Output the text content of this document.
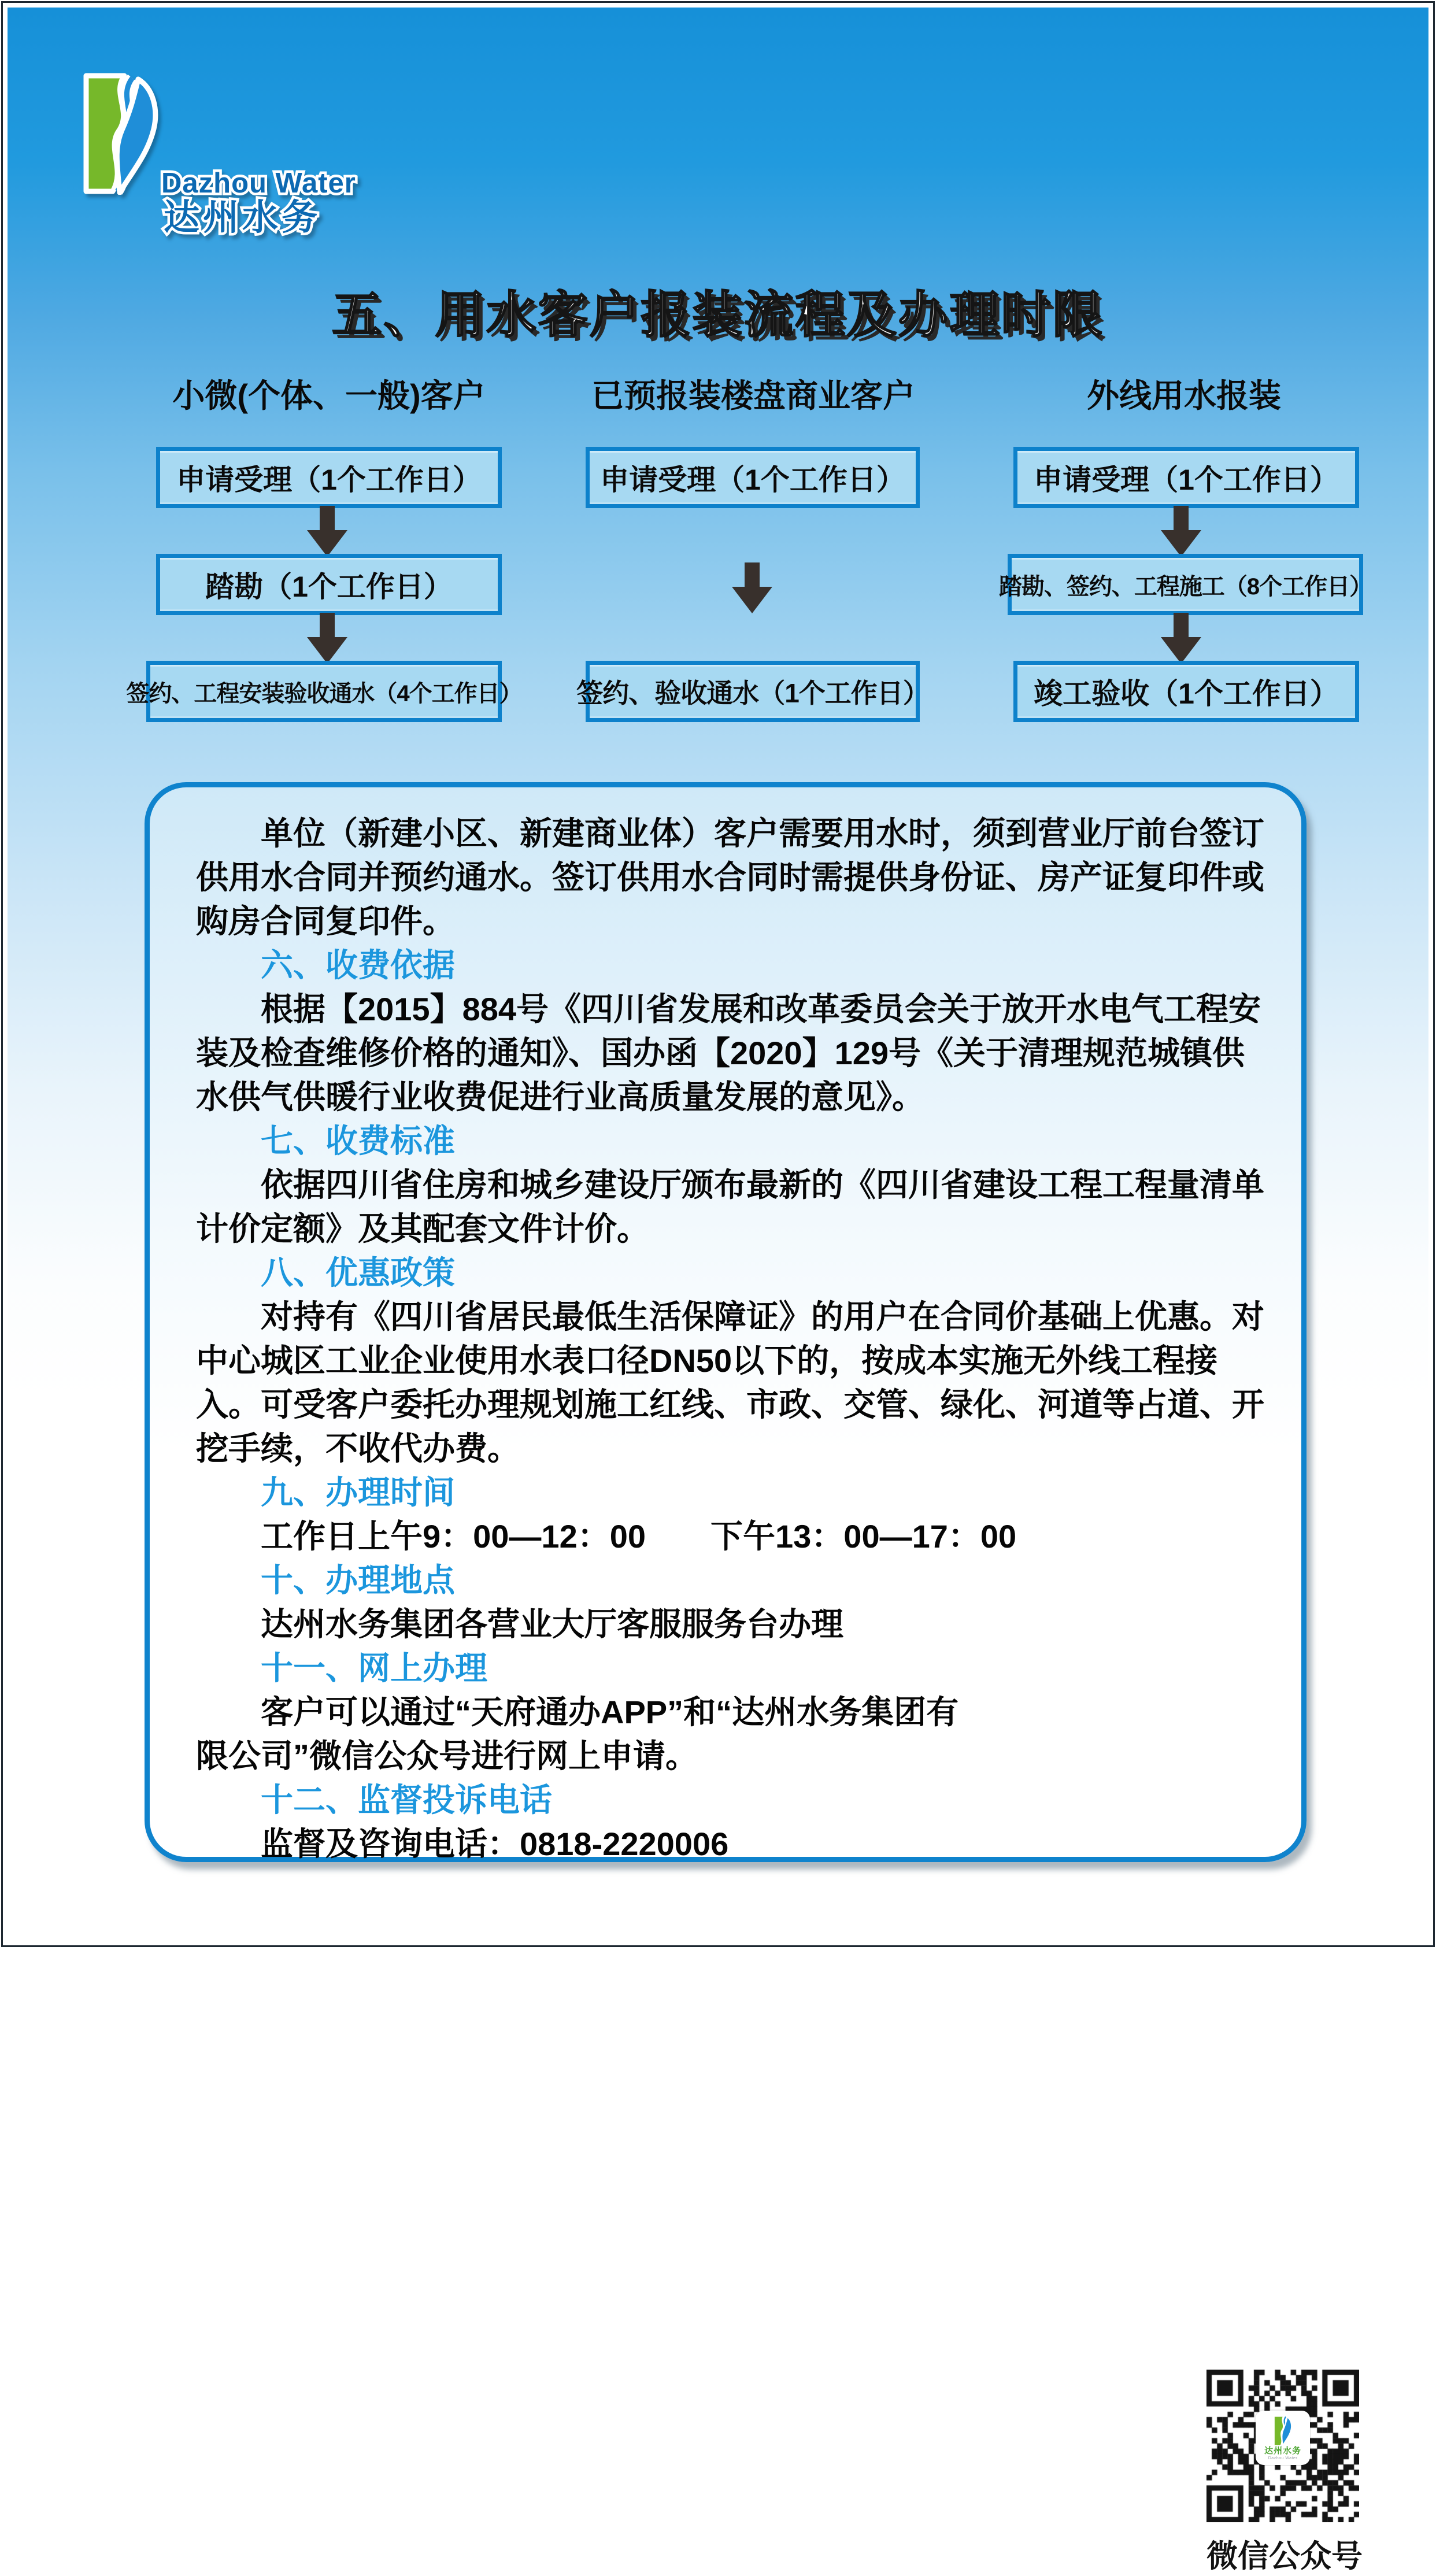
Dazhou Water
达州水务
五、用水客户报装流程及办理时限
小微(个体、一般)客户	已预报装楼盘商业客户	外线用水报装
申请受理（1个工作日）
踏勘（1个工作日）
签约、工程安装验收通水（4个工作日）
申请受理（1个工作日）
签约、验收通水（1个工作日）
申请受理（1个工作日）
踏勘、签约、工程施工（8个工作日）
竣工验收（1个工作日）

单位（新建小区、新建商业体）客户需要用水时，须到营业厅前台签订供用水合同并预约通水。签订供用水合同时需提供身份证、房产证复印件或购房合同复印件。

六、收费依据

根据【2015】884号《四川省发展和改革委员会关于放开水电气工程安装及检查维修价格的通知》、国办函【2020】129号《关于清理规范城镇供水供气供暖行业收费促进行业高质量发展的意见》。

七、收费标准

依据四川省住房和城乡建设厅颁布最新的《四川省建设工程工程量清单计价定额》及其配套文件计价。

八、优惠政策

对持有《四川省居民最低生活保障证》的用户在合同价基础上优惠。对中心城区工业企业使用水表口径DN50以下的，按成本实施无外线工程接入。可受客户委托办理规划施工红线、市政、交管、绿化、河道等占道、开挖手续，不收代办费。

九、办理时间

工作日上午9：00—12：00　　下午13：00—17：00

十、办理地点

达州水务集团各营业大厅客服服务台办理

十一、网上办理

客户可以通过“天府通办APP”和“达州水务集团有限公司”微信公众号进行网上申请。

十二、监督投诉电话

监督及咨询电话：0818-2220006

达州水务
Dazhou Water
微信公众号
